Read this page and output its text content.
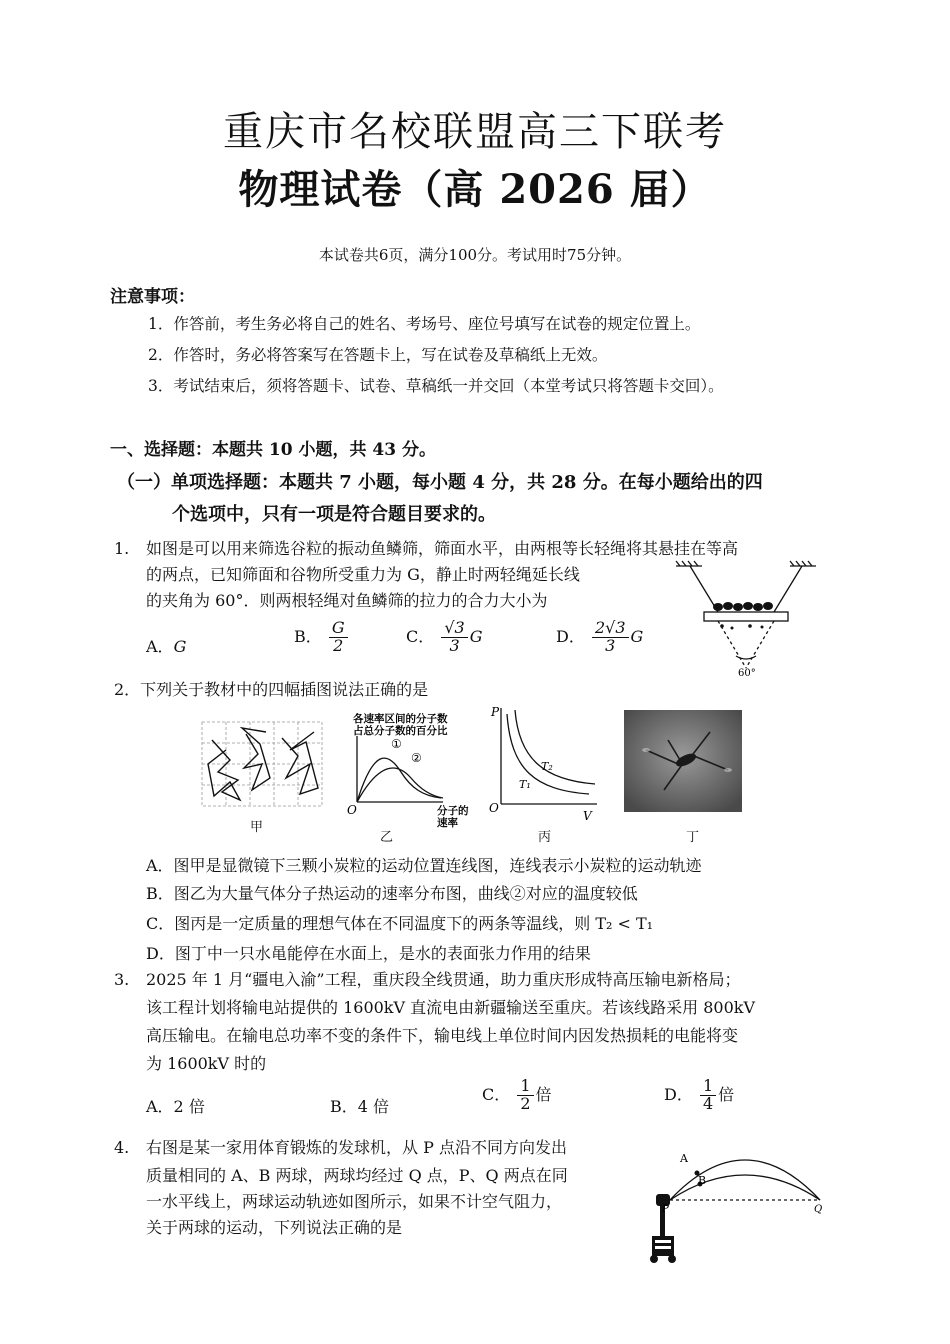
重庆市名校联盟高三下联考
物理试卷（高 2026 届）
本试卷共6页，满分100分。考试用时75分钟。
注意事项：
1．作答前，考生务必将自己的姓名、考场号、座位号填写在试卷的规定位置上。
2．作答时，务必将答案写在答题卡上，写在试卷及草稿纸上无效。
3．考试结束后，须将答题卡、试卷、草稿纸一并交回（本堂考试只将答题卡交回）。
一、选择题：本题共 10 小题，共 43 分。
（一）单项选择题：本题共 7 小题，每小题 4 分，共 28 分。在每小题给出的四
个选项中，只有一项是符合题目要求的。
1. 如图是可以用来筛选谷粒的振动鱼鳞筛，筛面水平，由两根等长轻绳将其悬挂在等高
的两点，已知筛面和谷物所受重力为 G，静止时两轻绳延长线
的夹角为 60°．则两根轻绳对鱼鳞筛的拉力的合力大小为
A．G
B． $\frac{G}{2}$	C． $\frac{√3}{3}$ G	D． $\frac{2√3}{3}$ G
60°
2．下列关于教材中的四幅插图说法正确的是
甲
各速率区间的分子数
占总分子数的百分比
①
②
O	分子的
速率
乙
P
O
V
T₁
T₂
丙	丁
A．图甲是显微镜下三颗小炭粒的运动位置连线图，连线表示小炭粒的运动轨迹
B．图乙为大量气体分子热运动的速率分布图，曲线②对应的温度较低
C．图丙是一定质量的理想气体在不同温度下的两条等温线，则 T₂ < T₁
D．图丁中一只水黾能停在水面上，是水的表面张力作用的结果
3. 2025 年 1 月“疆电入渝”工程，重庆段全线贯通，助力重庆形成特高压输电新格局；
该工程计划将输电站提供的 1600kV 直流电由新疆输送至重庆。若该线路采用 800kV
高压输电。在输电总功率不变的条件下，输电线上单位时间内因发热损耗的电能将变
为 1600kV 时的
A．2 倍	B．4 倍
C． $\frac{1}{2}$ 倍	D． $\frac{1}{4}$ 倍
4. 右图是某一家用体育锻炼的发球机，从 P 点沿不同方向发出
质量相同的 A、B 两球，两球均经过 Q 点，P、Q 两点在同
一水平线上，两球运动轨迹如图所示，如果不计空气阻力，
关于两球的运动，下列说法正确的是
A
B
P	Q
